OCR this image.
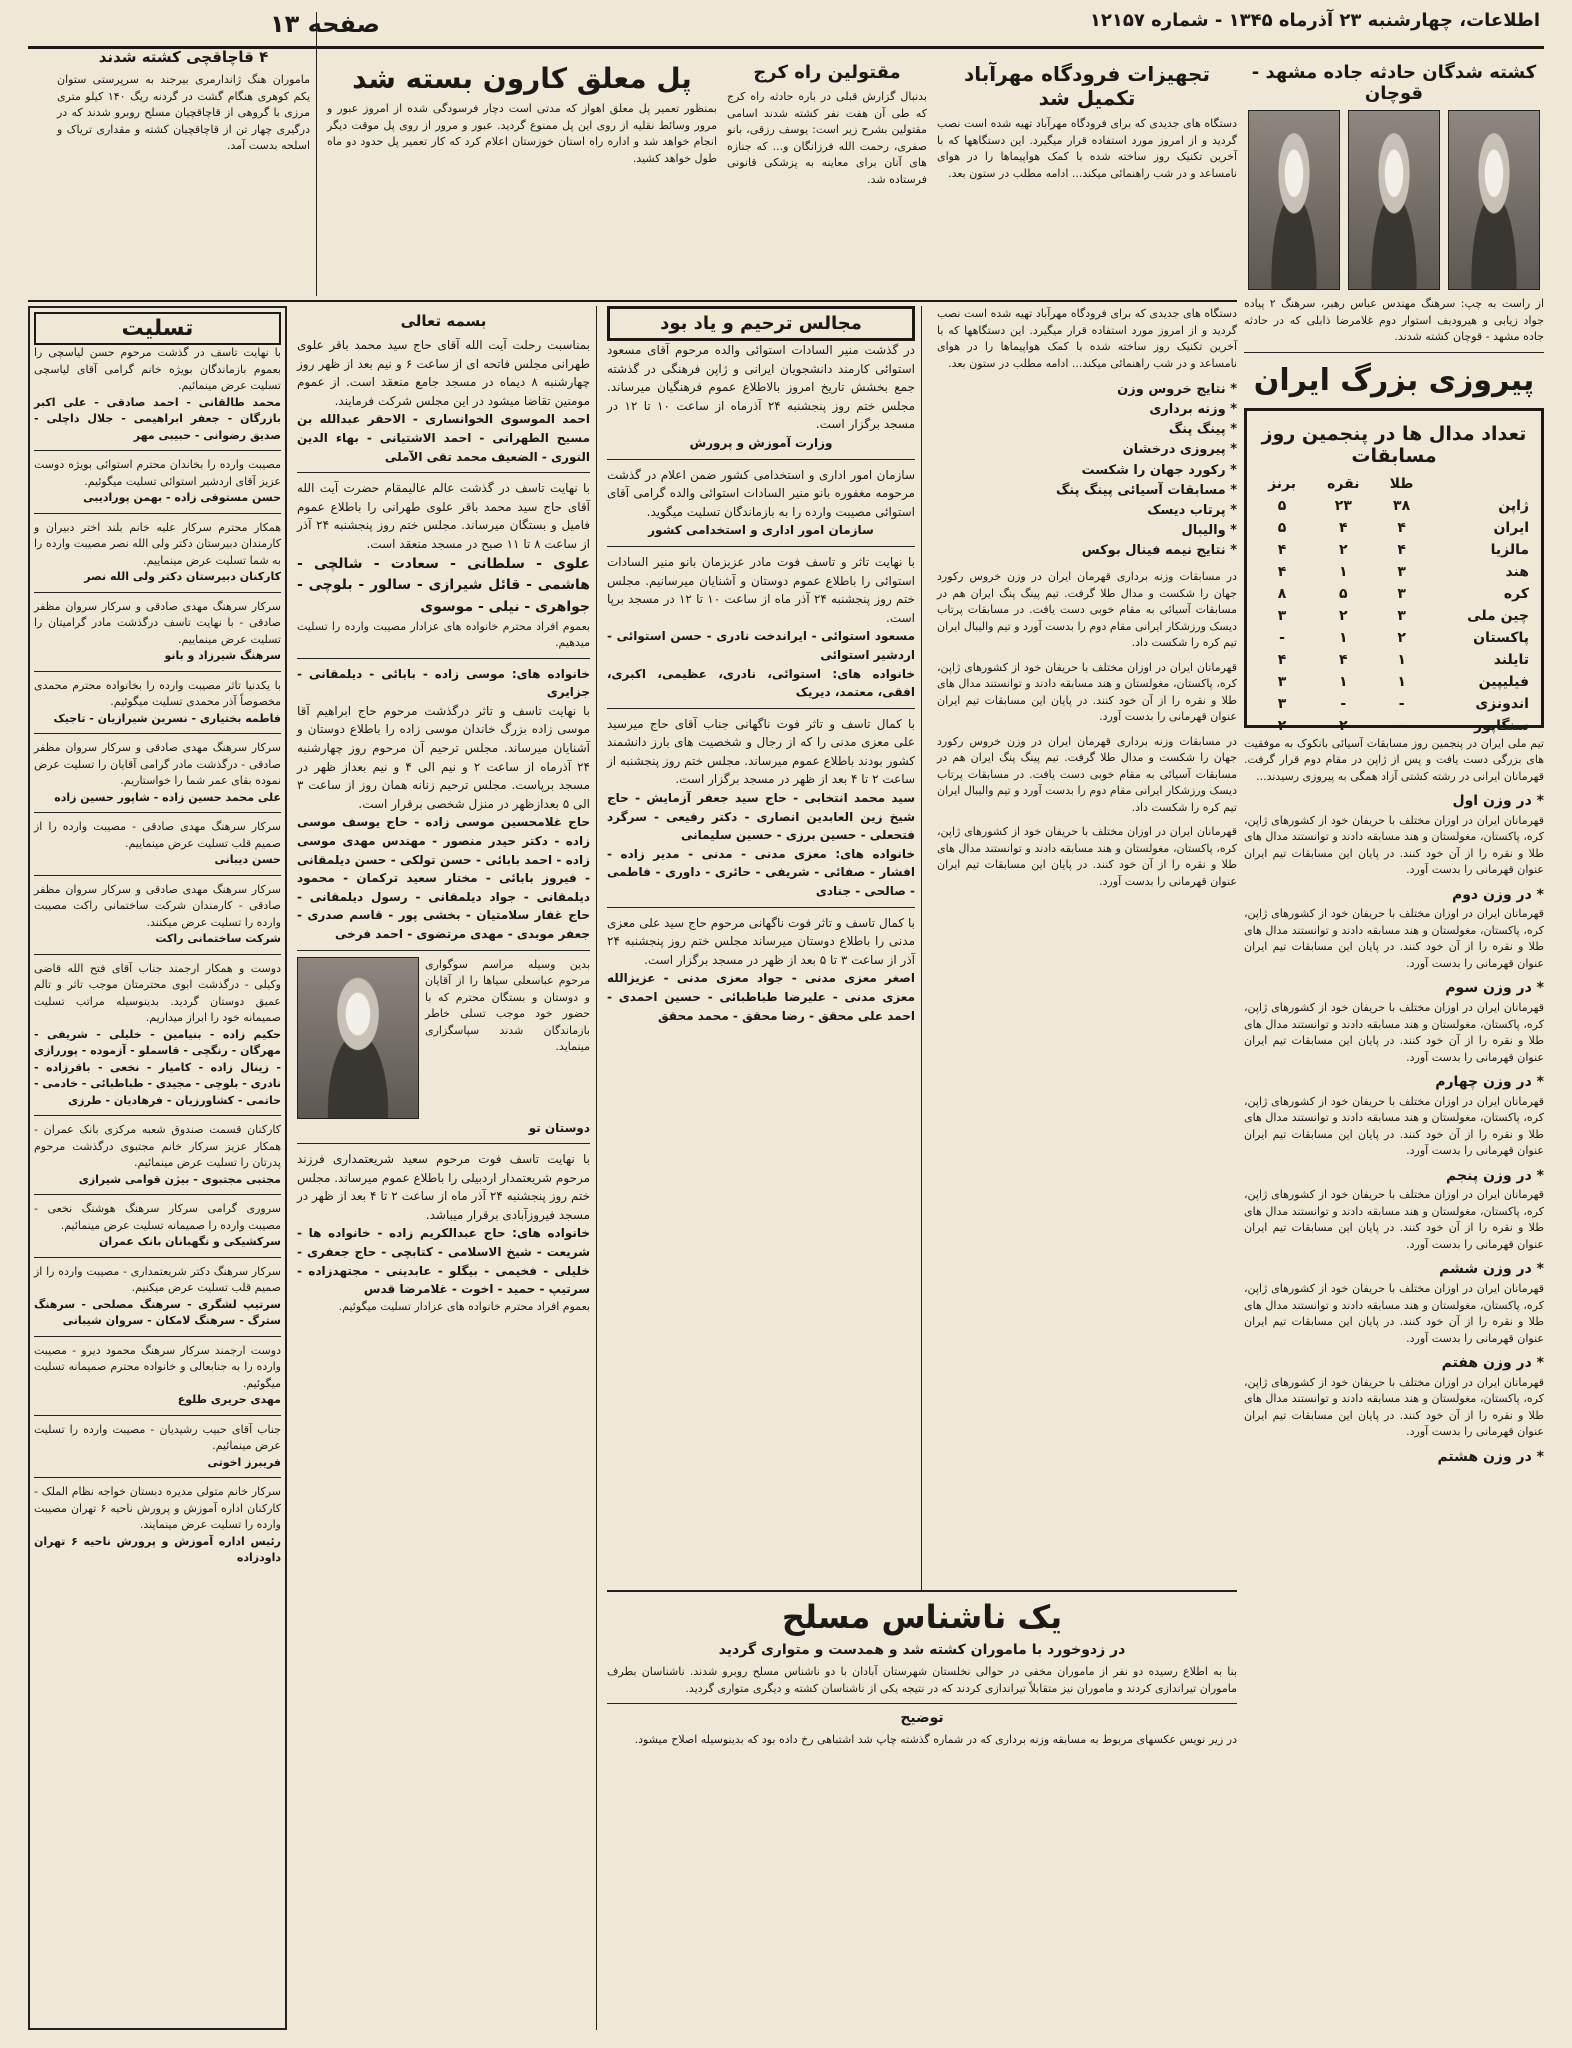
اطلاعات، چهارشنبه ۲۳ آذرماه ۱۳۴۵ - شماره ۱۲۱۵۷
صفحه ۱۳
کشته شدگان حادثه جاده مشهد - قوچان
از راست به چپ: سرهنگ مهندس عباس رهبر، سرهنگ ۲ پیاده جواد زیابی و هیرودیف استوار دوم غلامرضا ذابلی که در حادثه جاده مشهد - قوچان کشته شدند.
پیروزی بزرگ ایران
تعداد مدال ها در پنجمین روز مسابقات
	طلا	نقره	برنز
ژاپن	۳۸	۲۳	۵
ایران	۴	۴	۵
مالزیا	۴	۲	۴
هند	۳	۱	۴
کره	۳	۵	۸
چین ملی	۳	۲	۳
پاکستان	۲	۱	-
تایلند	۱	۴	۴
فیلیپین	۱	۱	۳
اندونزی	-	-	۳
سنگاپور	-	۲	۲
تیم ملی ایران در پنجمین روز مسابقات آسیائی بانکوک به موفقیت های بزرگی دست یافت و پس از ژاپن در مقام دوم قرار گرفت. قهرمانان ایرانی در رشته کشتی آزاد همگی به پیروزی رسیدند...
* در وزن اول
قهرمانان ایران در اوزان مختلف با حریفان خود از کشورهای ژاپن، کره، پاکستان، مغولستان و هند مسابقه دادند و توانستند مدال های طلا و نقره را از آن خود کنند. در پایان این مسابقات تیم ایران عنوان قهرمانی را بدست آورد.
* در وزن دوم
قهرمانان ایران در اوزان مختلف با حریفان خود از کشورهای ژاپن، کره، پاکستان، مغولستان و هند مسابقه دادند و توانستند مدال های طلا و نقره را از آن خود کنند. در پایان این مسابقات تیم ایران عنوان قهرمانی را بدست آورد.
* در وزن سوم
قهرمانان ایران در اوزان مختلف با حریفان خود از کشورهای ژاپن، کره، پاکستان، مغولستان و هند مسابقه دادند و توانستند مدال های طلا و نقره را از آن خود کنند. در پایان این مسابقات تیم ایران عنوان قهرمانی را بدست آورد.
* در وزن چهارم
قهرمانان ایران در اوزان مختلف با حریفان خود از کشورهای ژاپن، کره، پاکستان، مغولستان و هند مسابقه دادند و توانستند مدال های طلا و نقره را از آن خود کنند. در پایان این مسابقات تیم ایران عنوان قهرمانی را بدست آورد.
* در وزن پنجم
قهرمانان ایران در اوزان مختلف با حریفان خود از کشورهای ژاپن، کره، پاکستان، مغولستان و هند مسابقه دادند و توانستند مدال های طلا و نقره را از آن خود کنند. در پایان این مسابقات تیم ایران عنوان قهرمانی را بدست آورد.
* در وزن ششم
قهرمانان ایران در اوزان مختلف با حریفان خود از کشورهای ژاپن، کره، پاکستان، مغولستان و هند مسابقه دادند و توانستند مدال های طلا و نقره را از آن خود کنند. در پایان این مسابقات تیم ایران عنوان قهرمانی را بدست آورد.
* در وزن هفتم
قهرمانان ایران در اوزان مختلف با حریفان خود از کشورهای ژاپن، کره، پاکستان، مغولستان و هند مسابقه دادند و توانستند مدال های طلا و نقره را از آن خود کنند. در پایان این مسابقات تیم ایران عنوان قهرمانی را بدست آورد.
* در وزن هشتم
تجهیزات فرودگاه مهرآباد تکمیل شد
دستگاه های جدیدی که برای فرودگاه مهرآباد تهیه شده است نصب گردید و از امروز مورد استفاده قرار میگیرد. این دستگاهها که با آخرین تکنیک روز ساخته شده با کمک هواپیماها را در هوای نامساعد و در شب راهنمائی میکند... ادامه مطلب در ستون بعد.
مقتولین راه کرج
بدنبال گزارش قبلی در باره حادثه راه کرج که طی آن هفت نفر کشته شدند اسامی مقتولین بشرح زیر است: یوسف رزقی، بانو صفری، رحمت الله فرزانگان و... که جنازه های آنان برای معاینه به پزشکی قانونی فرستاده شد.
پل معلق کارون بسته شد
بمنظور تعمیر پل معلق اهواز که مدتی است دچار فرسودگی شده از امروز عبور و مرور وسائط نقلیه از روی این پل ممنوع گردید. عبور و مرور از روی پل موقت دیگر انجام خواهد شد و اداره راه استان خوزستان اعلام کرد که کار تعمیر پل حدود دو ماه طول خواهد کشید.
۴ قاچاقچی کشته شدند
ماموران هنگ ژاندارمری بیرجند به سرپرستی ستوان یکم کوهری هنگام گشت در گردنه ریگ ۱۴۰ کیلو متری مرزی با گروهی از قاچاقچیان مسلح روبرو شدند که در درگیری چهار تن از قاچاقچیان کشته و مقداری تریاک و اسلحه بدست آمد.
دستگاه های جدیدی که برای فرودگاه مهرآباد تهیه شده است نصب گردید و از امروز مورد استفاده قرار میگیرد. این دستگاهها که با آخرین تکنیک روز ساخته شده با کمک هواپیماها را در هوای نامساعد و در شب راهنمائی میکند... ادامه مطلب در ستون بعد.
* نتایج خروس وزن
* وزنه برداری
* پینگ پنگ
* پیروزی درخشان
* رکورد جهان را شکست
* مسابقات آسیائی پینگ پنگ
* پرتاب دیسک
* والیبال
* نتایج نیمه فینال بوکس
در مسابقات وزنه برداری قهرمان ایران در وزن خروس رکورد جهان را شکست و مدال طلا گرفت. تیم پینگ پنگ ایران هم در مسابقات آسیائی به مقام خوبی دست یافت. در مسابقات پرتاب دیسک ورزشکار ایرانی مقام دوم را بدست آورد و تیم والیبال ایران تیم کره را شکست داد.
قهرمانان ایران در اوزان مختلف با حریفان خود از کشورهای ژاپن، کره، پاکستان، مغولستان و هند مسابقه دادند و توانستند مدال های طلا و نقره را از آن خود کنند. در پایان این مسابقات تیم ایران عنوان قهرمانی را بدست آورد.
در مسابقات وزنه برداری قهرمان ایران در وزن خروس رکورد جهان را شکست و مدال طلا گرفت. تیم پینگ پنگ ایران هم در مسابقات آسیائی به مقام خوبی دست یافت. در مسابقات پرتاب دیسک ورزشکار ایرانی مقام دوم را بدست آورد و تیم والیبال ایران تیم کره را شکست داد.
قهرمانان ایران در اوزان مختلف با حریفان خود از کشورهای ژاپن، کره، پاکستان، مغولستان و هند مسابقه دادند و توانستند مدال های طلا و نقره را از آن خود کنند. در پایان این مسابقات تیم ایران عنوان قهرمانی را بدست آورد.
یک ناشناس مسلح
در زدوخورد با ماموران کشته شد و همدست و متواری گردید
بنا به اطلاع رسیده دو نفر از ماموران مخفی در حوالی نخلستان شهرستان آبادان با دو ناشناس مسلح روبرو شدند. ناشناسان بطرف ماموران تیراندازی کردند و ماموران نیز متقابلاً تیراندازی کردند که در نتیجه یکی از ناشناسان کشته و دیگری متواری گردید.
توضیح
در زیر نویس عکسهای مربوط به مسابقه وزنه برداری که در شماره گذشته چاپ شد اشتباهی رخ داده بود که بدینوسیله اصلاح میشود.
مجالس ترحیم و یاد بود
در گذشت منیر السادات استوائی والده مرحوم آقای مسعود استوائی کارمند دانشجویان ایرانی و ژاپن فرهنگی در گذشته جمع بخشش تاریخ امروز بالاطلاع عموم فرهنگیان میرساند. مجلس ختم روز پنجشنبه ۲۴ آذرماه از ساعت ۱۰ تا ۱۲ در مسجد برگزار است.
وزارت آموزش و پرورش
سازمان امور اداری و استخدامی کشور ضمن اعلام در گذشت مرحومه مغفوره بانو منیر السادات استوائی والده گرامی آقای استوائی مصیبت وارده را به بازماندگان تسلیت میگوید.
سازمان امور اداری و استخدامی کشور
با نهایت تاثر و تاسف فوت مادر عزیزمان بانو منیر السادات استوائی را باطلاع عموم دوستان و آشنایان میرسانیم. مجلس ختم روز پنجشنبه ۲۴ آذر ماه از ساعت ۱۰ تا ۱۲ در مسجد برپا است.
مسعود استوائی - ایراندخت نادری - حسن استوائی - اردشیر استوائی
خانواده های: استوائی، نادری، عظیمی، اکبری، افقی، معتمد، دیریک
با کمال تاسف و تاثر فوت ناگهانی جناب آقای حاج میرسید علی معزی مدنی را که از رجال و شخصیت های بارز دانشمند کشور بودند باطلاع عموم میرساند. مجلس ختم روز پنجشنبه از ساعت ۲ تا ۴ بعد از ظهر در مسجد برگزار است.
سید محمد انتخابی - حاج سید جعفر آزمایش - حاج شیخ زین العابدین انصاری - دکتر رفیعی - سرگرد فتحعلی - حسین برزی - حسین سلیمانی
خانواده های: معزی مدنی - مدنی - مدیر زاده - افشار - صفائی - شریفی - حائری - داوری - فاطمی - صالحی - جنادی
با کمال تاسف و تاثر فوت ناگهانی مرحوم حاج سید علی معزی مدنی را باطلاع دوستان میرساند مجلس ختم روز پنجشنبه ۲۴ آذر از ساعت ۳ تا ۵ بعد از ظهر در مسجد برگزار است.
اصغر معزی مدنی - جواد معزی مدنی - عزیزالله معزی مدنی - علیرضا طباطبائی - حسین احمدی - احمد علی محقق - رضا محقق - محمد محقق
بسمه تعالی
بمناسبت رحلت آیت الله آقای حاج سید محمد باقر علوی طهرانی مجلس فاتحه ای از ساعت ۶ و نیم بعد از ظهر روز چهارشنبه ۸ دیماه در مسجد جامع منعقد است. از عموم مومنین تقاضا میشود در این مجلس شرکت فرمایند.
احمد الموسوی الخوانساری - الاحقر عبدالله بن مسیح الطهرانی - احمد الاشتیانی - بهاء الدین النوری - الضعیف محمد تقی الآملی
با نهایت تاسف در گذشت عالم عالیمقام حضرت آیت الله آقای حاج سید محمد باقر علوی طهرانی را باطلاع عموم فامیل و بستگان میرساند. مجلس ختم روز پنجشنبه ۲۴ آذر از ساعت ۸ تا ۱۱ صبح در مسجد منعقد است.
علوی - سلطانی - سعادت - شالچی - هاشمی - قائل شیرازی - سالور - بلوچی - جواهری - نیلی - موسوی
بعموم افراد محترم خانواده های عزادار مصیبت وارده را تسلیت میدهیم.
خانواده های: موسی زاده - بابائی - دیلمقانی - جزایری
با نهایت تاسف و تاثر درگذشت مرحوم حاج ابراهیم آقا موسی زاده بزرگ خاندان موسی زاده را باطلاع دوستان و آشنایان میرساند. مجلس ترحیم آن مرحوم روز چهارشنبه ۲۴ آذرماه از ساعت ۲ و نیم الی ۴ و نیم بعداز ظهر در مسجد برپاست. مجلس ترحیم زنانه همان روز از ساعت ۳ الی ۵ بعدازظهر در منزل شخصی برقرار است.
حاج غلامحسین موسی زاده - حاج یوسف موسی زاده - دکتر حیدر منصور - مهندس مهدی موسی زاده - احمد بابائی - حسن تولکی - حسن دیلمقانی - فیروز بابائی - مختار سعید ترکمان - محمود دیلمقانی - جواد دیلمقانی - رسول دیلمقانی - حاج غفار سلامتیان - بخشی پور - قاسم صدری - جعفر موبدی - مهدی مرتضوی - احمد فرخی
بدین وسیله مراسم سوگواری مرحوم عباسعلی سیاها را از آقایان و دوستان و بستگان محترم که با حضور خود موجب تسلی خاطر بازماندگان شدند سپاسگزاری مینماید.
دوستان تو
با نهایت تاسف فوت مرحوم سعید شریعتمداری فرزند مرحوم شریعتمدار اردبیلی را باطلاع عموم میرساند. مجلس ختم روز پنجشنبه ۲۴ آذر ماه از ساعت ۲ تا ۴ بعد از ظهر در مسجد فیروزآبادی برقرار میباشد.
خانواده های: حاج عبدالکریم زاده - خانواده ها - شریعت - شیخ الاسلامی - کتابچی - حاج جعفری - خلیلی - فخیمی - بیگلو - عابدینی - مجتهدزاده - سرتیپ - حمید - اخوت - غلامرضا قدس
بعموم افراد محترم خانواده های عزادار تسلیت میگوئیم.
تسلیت
با نهایت تاسف در گذشت مرحوم حسن لیاسچی را بعموم بازماندگان بویژه خانم گرامی آقای لیاسچی تسلیت عرض مینمائیم.
محمد طالقانی - احمد صادقی - علی اکبر بازرگان - جعفر ابراهیمی - جلال داچلی - صدیق رضوانی - حبیبی مهر
مصیبت وارده را بخاندان محترم استوائی بویژه دوست عزیز آقای اردشیر استوائی تسلیت میگوئیم.
حسن مستوفی زاده - بهمن پورادیبی
همکار محترم سرکار علیه خانم بلند اختر دبیران و کارمندان دبیرستان دکتر ولی الله نصر مصیبت وارده را به شما تسلیت عرض مینماییم.
کارکنان دبیرستان دکتر ولی الله نصر
سرکار سرهنگ مهدی صادقی و سرکار سروان مظفر صادقی - با نهایت تاسف درگذشت مادر گرامیتان را تسلیت عرض مینماییم.
سرهنگ شیرزاد و بانو
با یکدنیا تاثر مصیبت وارده را بخانواده محترم محمدی مخصوصاً آذر محمدی تسلیت میگوئیم.
فاطمه بختیاری - نسرین شیرازیان - تاجیک
سرکار سرهنگ مهدی صادقی و سرکار سروان مظفر صادقی - درگذشت مادر گرامی آقایان را تسلیت عرض نموده بقای عمر شما را خواستاریم.
علی محمد حسین زاده - شاپور حسین زاده
سرکار سرهنگ مهدی صادقی - مصیبت وارده را از صمیم قلب تسلیت عرض مینماییم.
حسن دیبانی
سرکار سرهنگ مهدی صادقی و سرکار سروان مظفر صادقی - کارمندان شرکت ساختمانی راکت مصیبت وارده را تسلیت عرض میکنند.
شرکت ساختمانی راکت
دوست و همکار ارجمند جناب آقای فتح الله قاضی وکیلی - درگذشت ابوی محترمتان موجب تاثر و تالم عمیق دوستان گردید. بدینوسیله مراتب تسلیت صمیمانه خود را ابراز میداریم.
حکیم زاده - بنیامین - خلیلی - شریفی - مهرگان - رنگچی - قاسملو - آزموده - پوررازی - زینال زاده - کامیار - نخعی - باقرزاده - نادری - بلوچی - مجیدی - طباطبائی - خادمی - حاتمی - کشاورزیان - فرهادیان - طرزی
کارکنان قسمت صندوق شعبه مرکزی بانک عمران - همکار عزیز سرکار خانم مجتبوی درگذشت مرحوم پدرتان را تسلیت عرض مینمائیم.
مجتبی مجتبوی - بیژن قوامی شیرازی
سروری گرامی سرکار سرهنگ هوشنگ نخعی - مصیبت وارده را صمیمانه تسلیت عرض مینمائیم.
سرکشیکی و نگهبانان بانک عمران
سرکار سرهنگ دکتر شریعتمداری - مصیبت وارده را از صمیم قلب تسلیت عرض میکنیم.
سرتیپ لشگری - سرهنگ مصلحی - سرهنگ سترگ - سرهنگ لامکان - سروان شیبانی
دوست ارجمند سرکار سرهنگ محمود دیرو - مصیبت وارده را به جنابعالی و خانواده محترم صمیمانه تسلیت میگوئیم.
مهدی حریری طلوع
جناب آقای حبیب رشیدیان - مصیبت وارده را تسلیت عرض مینمائیم.
فریبرز اخوتی
سرکار خانم متولی مدیره دبستان خواجه نظام الملک - کارکنان اداره آموزش و پرورش ناحیه ۶ تهران مصیبت وارده را تسلیت عرض مینمایند.
رئیس اداره آموزش و پرورش ناحیه ۶ تهران داودزاده
